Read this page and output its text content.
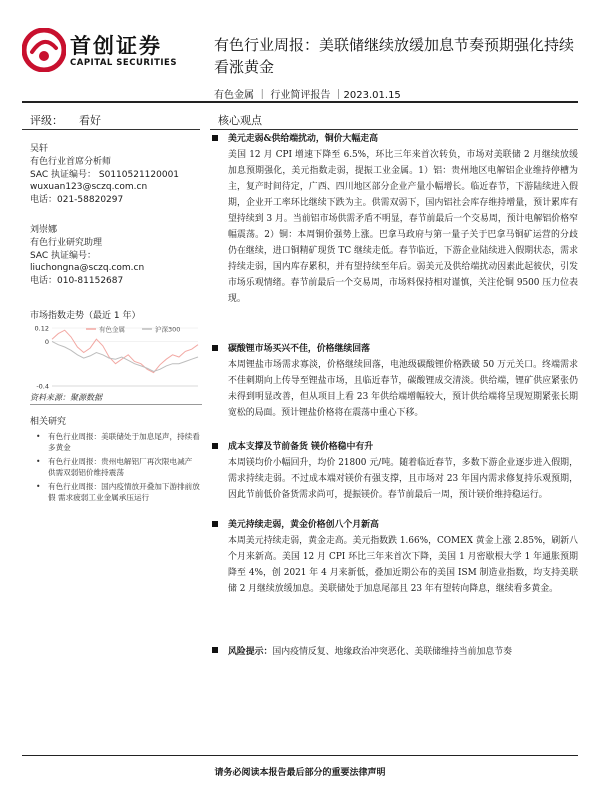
首创证券
CAPITAL SECURITIES
有色行业周报：美联储继续放缓加息节奏预期强化持续看涨黄金
有色金属 ｜ 行业简评报告 ｜2023.01.15
评级： 看好
吴轩
有色行业首席分析师
SAC 执证编号： S0110521120001
wuxuan123@sczq.com.cn
电话：021-58820297
刘崇娜
有色行业研究助理
SAC 执证编号：
liuchongna@sczq.com.cn
电话：010-81152687
市场指数走势（最近 1 年）
0.12
0
-0.4
有色金属	沪深300
资料来源：聚源数据
相关研究
• 有色行业周报：美联储处于加息尾声，持续看多黄金
• 有色行业周报：贵州电解铝厂再次限电减产 供需双弱铝价维持震荡
• 有色行业周报：国内疫情放开叠加下游排前放假 需求疲弱工业金属承压运行
核心观点
美元走弱&供给端扰动，铜价大幅走高

美国 12 月 CPI 增速下降至 6.5%，环比三年来首次转负，市场对美联储 2 月继续放缓加息预期强化，美元指数走弱，提振工业金属。1）铝：贵州地区电解铝企业维持停槽为主，复产时间待定，广西、四川地区部分企业产量小幅增长。临近春节，下游陆续进入假期，企业开工率环比继续下跌为主。供需双弱下，国内铝社会库存维持增量，预计累库有望持续到 3 月。当前铝市场供需矛盾不明显，春节前最后一个交易周，预计电解铝价格窄幅震荡。2）铜：本周铜价强势上涨。巴拿马政府与第一量子关于巴拿马铜矿运营的分歧仍在继续，进口铜精矿现货 TC 继续走低。春节临近，下游企业陆续进入假期状态，需求持续走弱，国内库存累积，并有望持续至年后。弱美元及供给端扰动因素此起彼伏，引发市场乐观情绪。春节前最后一个交易周，市场料保持相对谨慎，关注伦铜 9500 压力位表现。

碳酸锂市场买兴不佳，价格继续回落

本周锂盐市场需求寡淡，价格继续回落，电池级碳酸锂价格跌破 50 万元关口。终端需求不佳刺期向上传导至锂盐市场，且临近春节，碳酸锂成交清淡。供给端，锂矿供应紧张仍未得到明显改善，但从项目上看 23 年供给端增幅较大，预计供给端将呈现短期紧张长期宽松的局面。预计锂盐价格将在震荡中重心下移。

成本支撑及节前备货 镁价格稳中有升

本周镁均价小幅回升，均价 21800 元/吨。随着临近春节，多数下游企业逐步进入假期，需求持续走弱。不过成本端对镁价有强支撑，且市场对 23 年国内需求修复持乐观预期，因此节前低价备货需求尚可，提振镁价。春节前最后一周，预计镁价维持稳运行。

美元持续走弱，黄金价格创八个月新高

本周美元持续走弱，黄金走高。美元指数跌 1.66%，COMEX 黄金上涨 2.85%，刷新八个月来新高。美国 12 月 CPI 环比三年来首次下降，美国 1 月密歇根大学 1 年通胀预期降至 4%，创 2021 年 4 月来新低，叠加近期公布的美国 ISM 制造业指数，均支持美联储 2 月继续放缓加息。美联储处于加息尾部且 23 年有望转向降息，继续看多黄金。

风险提示：国内疫情反复、地缘政治冲突恶化、美联储维持当前加息节奏

请务必阅读本报告最后部分的重要法律声明
